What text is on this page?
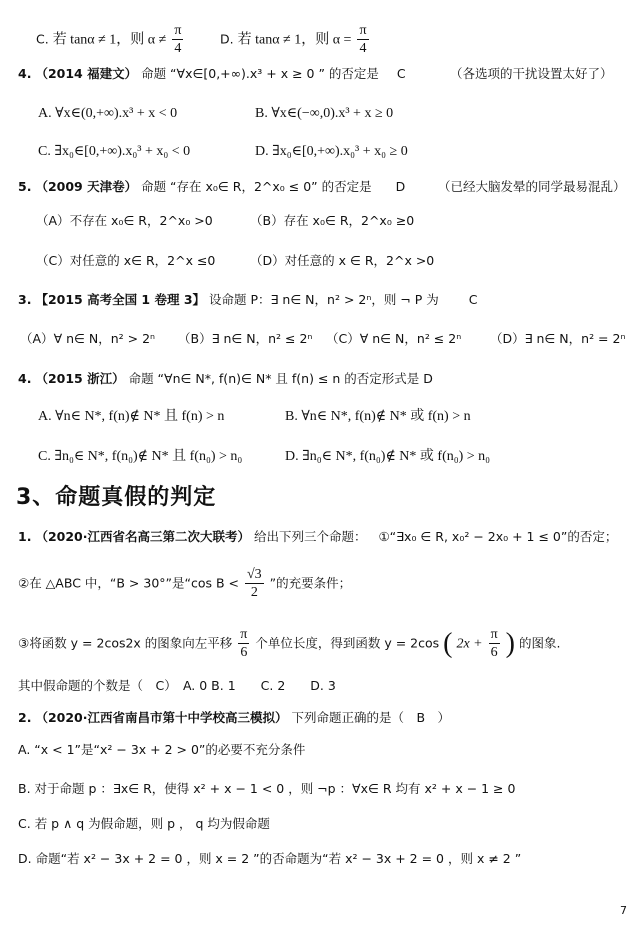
C. 若 tanα ≠ 1，则 $\alpha \ne \frac{\pi}{4}$	D. 若 tanα ≠ 1，则 $\alpha = \frac{\pi}{4}$
4. （2014 福建文） 命题 “∀x∈[0,+∞).x³ + x ≥ 0 ” 的否定是 C	（各选项的干扰设置太好了）
A. ∀x∈(0,+∞).x³ + x < 0	B. ∀x∈(−∞,0).x³ + x ≥ 0
C. ∃x₀∈[0,+∞).x₀³ + x₀ < 0	D. ∃x₀∈[0,+∞).x₀³ + x₀ ≥ 0
5. （2009 天津卷） 命题 “存在 x₀∈ R，2^x₀ ≤ 0” 的否定是 D	（已经大脑发晕的同学最易混乱）
（A）不存在 x₀∈ R，2^x₀ >0	（B）存在 x₀∈ R，2^x₀ ≥0
（C）对任意的 x∈ R，2^x ≤0	（D）对任意的 x ∈ R，2^x >0
3. 【2015 高考全国 1 卷理 3】 设命题 P：∃ n∈ N，n² > 2ⁿ，则 ¬ P 为 C
（A）∀ n∈ N，n² > 2ⁿ （B）∃ n∈ N，n² ≤ 2ⁿ （C）∀ n∈ N，n² ≤ 2ⁿ （D）∃ n∈ N，n² = 2ⁿ
4. （2015 浙江） 命题 “∀n∈ N*, f(n)∈ N* 且 f(n) ≤ n 的否定形式是 D
A. ∀n∈ N*, f(n)∉ N* 且 f(n) > n	B. ∀n∈ N*, f(n)∉ N* 或 f(n) > n
C. ∃n₀∈ N*, f(n₀)∉ N* 且 f(n₀) > n₀	D. ∃n₀∈ N*, f(n₀)∉ N* 或 f(n₀) > n₀
3、命题真假的判定
1. （2020·江西省名高三第二次大联考） 给出下列三个命题： ①“∃x₀ ∈ R, x₀² − 2x₀ + 1 ≤ 0”的否定；
②在 △ABC 中，“B > 30°”是“cos $B < \frac{√3}{2}$ ”的充要条件；
③将函数 y = 2cos2x 的图象向左平移 $\frac{\pi}{6}$ 个单位长度，得到函数 y = 2cos ( $2x + \frac{\pi}{6}$ ) 的图象.
其中假命题的个数是（　C）　A. 0 B. 1　　C. 2　　D. 3
2. （2020·江西省南昌市第十中学校高三模拟） 下列命题正确的是（　B　）
A. “x < 1”是“x² − 3x + 2 > 0”的必要不充分条件
B. 对于命题 p ：∃x∈ R，使得 x² + x − 1 < 0 ，则 ¬p ：∀x∈ R 均有 x² + x − 1 ≥ 0
C. 若 p ∧ q 为假命题，则 p ， q 均为假命题
D. 命题“若 x² − 3x + 2 = 0 ，则 x = 2 ”的否命题为“若 x² − 3x + 2 = 0 ，则 x ≠ 2 ”
7
